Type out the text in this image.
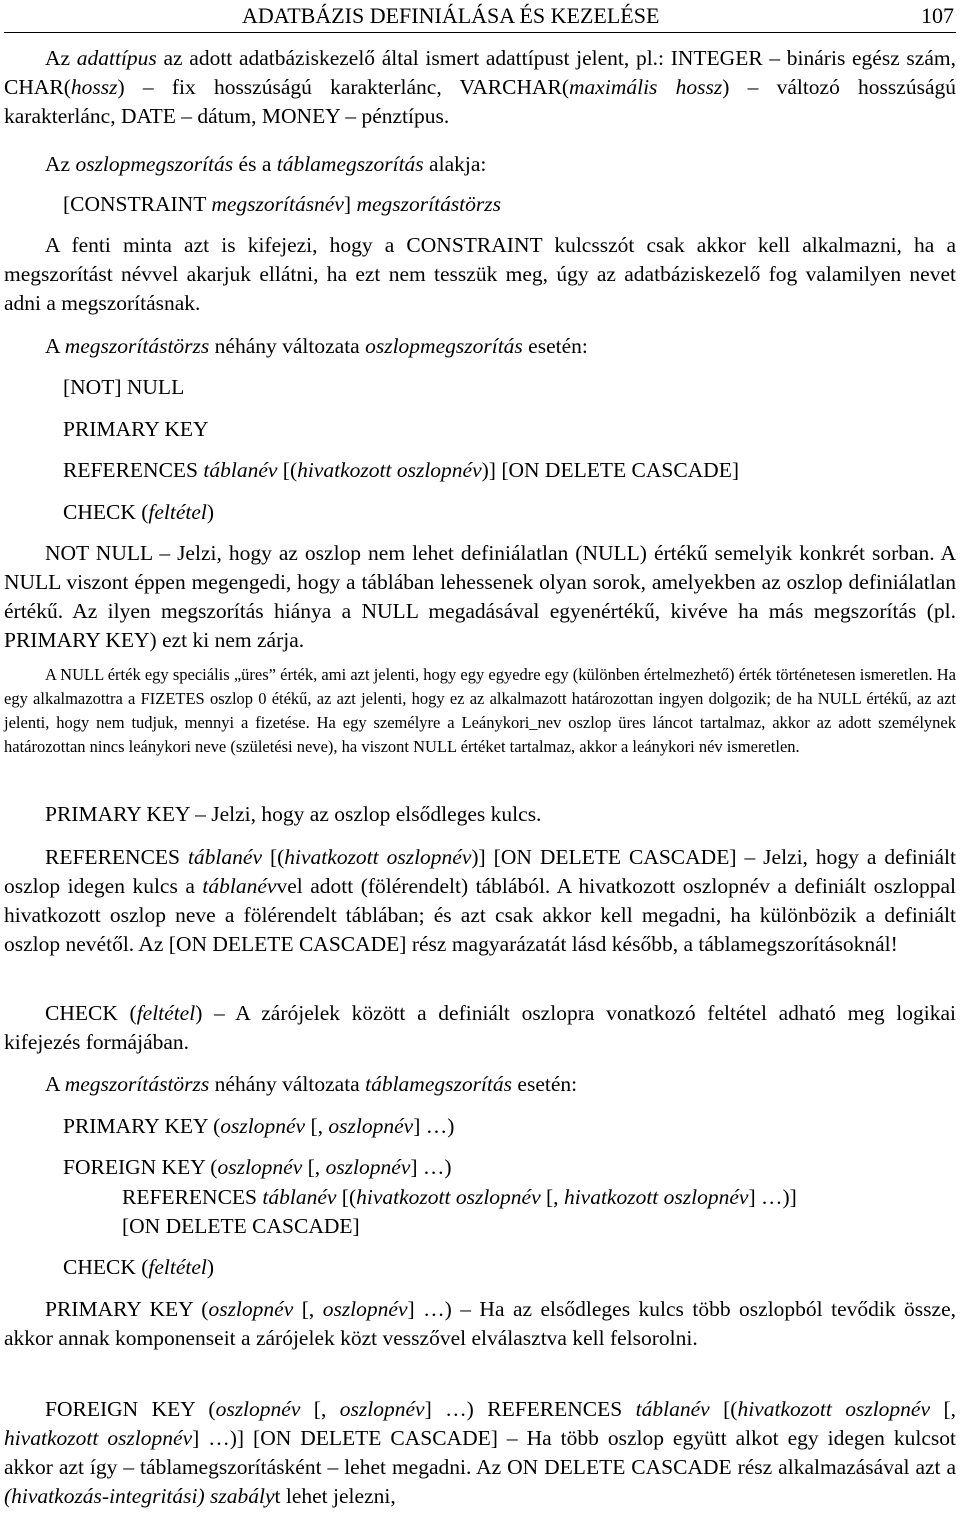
ADATBÁZIS DEFINIÁLÁSA ÉS KEZELÉSE	107

Az adattípus az adott adatbáziskezelő által ismert adattípust jelent, pl.: INTEGER – bináris egész szám, CHAR(hossz) – fix hosszúságú karakterlánc, VARCHAR(maximális hossz) – változó hosszúságú karakterlánc, DATE – dátum, MONEY – pénztípus.

Az oszlopmegszorítás és a táblamegszorítás alakja:

[CONSTRAINT megszorításnév] megszorítástörzs

A fenti minta azt is kifejezi, hogy a CONSTRAINT kulcsszót csak akkor kell alkalmazni, ha a megszorítást névvel akarjuk ellátni, ha ezt nem tesszük meg, úgy az adatbáziskezelő fog valamilyen nevet adni a megszorításnak.

A megszorítástörzs néhány változata oszlopmegszorítás esetén:

[NOT] NULL

PRIMARY KEY

REFERENCES táblanév [(hivatkozott oszlopnév)] [ON DELETE CASCADE]

CHECK (feltétel)

NOT NULL – Jelzi, hogy az oszlop nem lehet definiálatlan (NULL) értékű semelyik konkrét sorban. A NULL viszont éppen megengedi, hogy a táblában lehessenek olyan sorok, amelyekben az oszlop definiálatlan értékű. Az ilyen megszorítás hiánya a NULL megadásával egyenértékű, kivéve ha más megszorítás (pl. PRIMARY KEY) ezt ki nem zárja.

A NULL érték egy speciális „üres” érték, ami azt jelenti, hogy egy egyedre egy (különben értelmezhető) érték történetesen ismeretlen. Ha egy alkalmazottra a FIZETES oszlop 0 étékű, az azt jelenti, hogy ez az alkalmazott határozottan ingyen dolgozik; de ha NULL értékű, az azt jelenti, hogy nem tudjuk, mennyi a fizetése. Ha egy személyre a Leánykori_nev oszlop üres láncot tartalmaz, akkor az adott személynek határozottan nincs leánykori neve (születési neve), ha viszont NULL értéket tartalmaz, akkor a leánykori név ismeretlen.

PRIMARY KEY – Jelzi, hogy az oszlop elsődleges kulcs.

REFERENCES táblanév [(hivatkozott oszlopnév)] [ON DELETE CASCADE] – Jelzi, hogy a definiált oszlop idegen kulcs a táblanévvel adott (fölérendelt) táblából. A hivatkozott oszlopnév a definiált oszloppal hivatkozott oszlop neve a fölérendelt táblában; és azt csak akkor kell megadni, ha különbözik a definiált oszlop nevétől. Az [ON DELETE CASCADE] rész magyarázatát lásd később, a táblamegszorításoknál!

CHECK (feltétel) – A zárójelek között a definiált oszlopra vonatkozó feltétel adható meg logikai kifejezés formájában.

A megszorítástörzs néhány változata táblamegszorítás esetén:

PRIMARY KEY (oszlopnév [, oszlopnév] …)

FOREIGN KEY (oszlopnév [, oszlopnév] …)

REFERENCES táblanév [(hivatkozott oszlopnév [, hivatkozott oszlopnév] …)]

[ON DELETE CASCADE]

CHECK (feltétel)

PRIMARY KEY (oszlopnév [, oszlopnév] …) – Ha az elsődleges kulcs több oszlopból tevődik össze, akkor annak komponenseit a zárójelek közt vesszővel elválasztva kell felsorolni.

FOREIGN KEY (oszlopnév [, oszlopnév] …) REFERENCES táblanév [(hivatkozott oszlopnév [, hivatkozott oszlopnév] …)] [ON DELETE CASCADE] – Ha több oszlop együtt alkot egy idegen kulcsot akkor azt így – táblamegszorításként – lehet megadni. Az ON DELETE CASCADE rész alkalmazásával azt a (hivatkozás-integritási) szabályt lehet jelezni,
